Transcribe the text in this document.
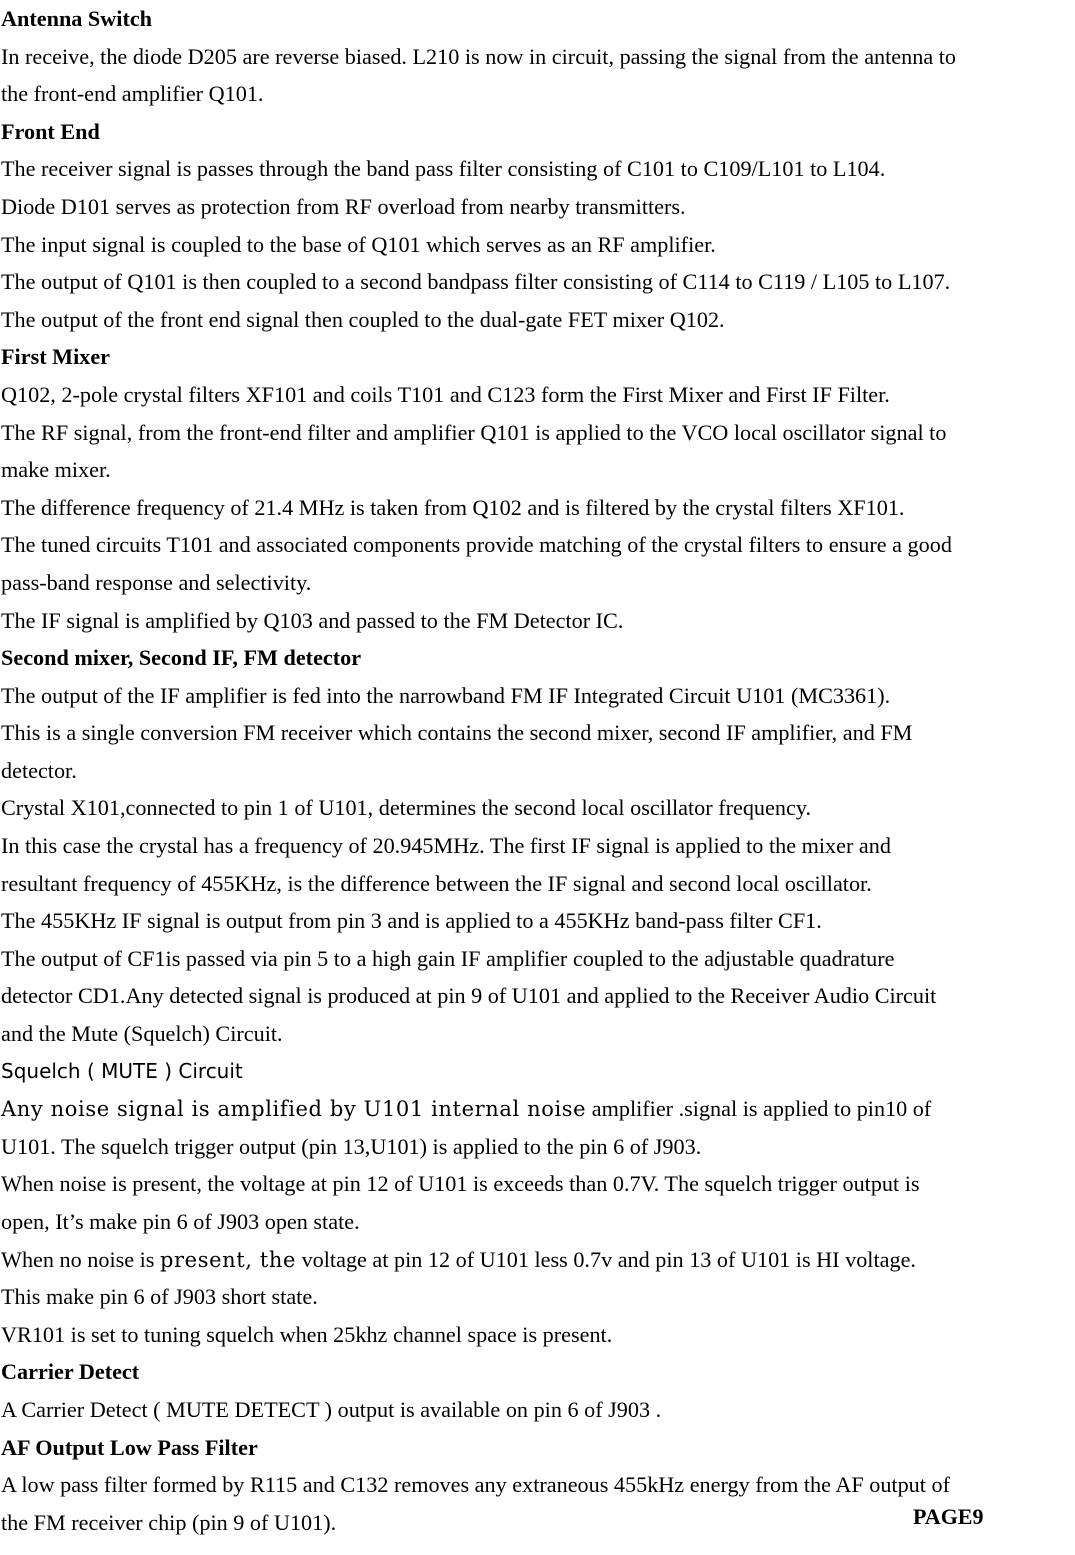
Antenna Switch
In receive, the diode D205 are reverse biased. L210 is now in circuit, passing the signal from the antenna to
the front-end amplifier Q101.
Front End
The receiver signal is passes through the band pass filter consisting of C101 to C109/L101 to L104.
Diode D101 serves as protection from RF overload from nearby transmitters.
The input signal is coupled to the base of Q101 which serves as an RF amplifier.
The output of Q101 is then coupled to a second bandpass filter consisting of C114 to C119 / L105 to L107.
The output of the front end signal then coupled to the dual-gate FET mixer Q102.
First Mixer
Q102, 2-pole crystal filters XF101 and coils T101 and C123 form the First Mixer and First IF Filter.
The RF signal, from the front-end filter and amplifier Q101 is applied to the VCO local oscillator signal to
make mixer.
The difference frequency of 21.4 MHz is taken from Q102 and is filtered by the crystal filters XF101.
The tuned circuits T101 and associated components provide matching of the crystal filters to ensure a good
pass-band response and selectivity.
The IF signal is amplified by Q103 and passed to the FM Detector IC.
Second mixer, Second IF, FM detector
The output of the IF amplifier is fed into the narrowband FM IF Integrated Circuit U101 (MC3361).
This is a single conversion FM receiver which contains the second mixer, second IF amplifier, and FM
detector.
Crystal X101,connected to pin 1 of U101, determines the second local oscillator frequency.
In this case the crystal has a frequency of 20.945MHz. The first IF signal is applied to the mixer and
resultant frequency of 455KHz, is the difference between the IF signal and second local oscillator.
The 455KHz IF signal is output from pin 3 and is applied to a 455KHz band-pass filter CF1.
The output of CF1is passed via pin 5 to a high gain IF amplifier coupled to the adjustable quadrature
detector CD1.Any detected signal is produced at pin 9 of U101 and applied to the Receiver Audio Circuit
and the Mute (Squelch) Circuit.
Squelch ( MUTE ) Circuit
Any noise signal is amplified by U101 internal noise amplifier .signal is applied to pin10 of
U101. The squelch trigger output (pin 13,U101) is applied to the pin 6 of J903.
When noise is present, the voltage at pin 12 of U101 is exceeds than 0.7V. The squelch trigger output is
open, It’s make pin 6 of J903 open state.
When no noise is present, the voltage at pin 12 of U101 less 0.7v and pin 13 of U101 is HI voltage.
This make pin 6 of J903 short state.
VR101 is set to tuning squelch when 25khz channel space is present.
Carrier Detect
A Carrier Detect ( MUTE DETECT ) output is available on pin 6 of J903 .
AF Output Low Pass Filter
A low pass filter formed by R115 and C132 removes any extraneous 455kHz energy from the AF output of
the FM receiver chip (pin 9 of U101).	PAGE9
